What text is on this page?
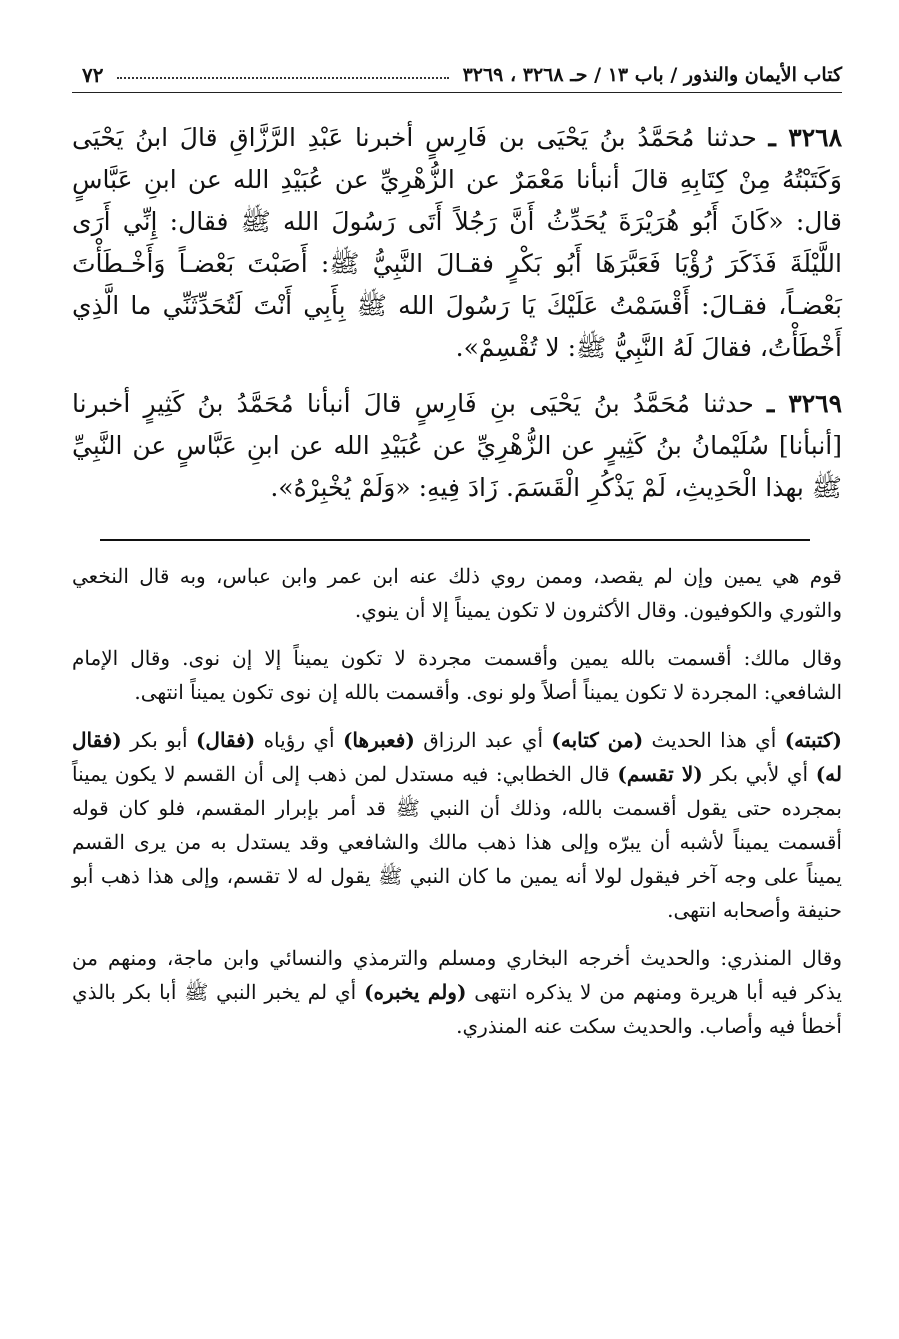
كتاب الأيمان والنذور / باب ١٣ / حـ ٣٢٦٨ ، ٣٢٦٩
٧٢

٣٢٦٨ ـ حدثنا مُحَمَّدُ بنُ يَحْيَى بن فَارِسٍ أخبرنا عَبْدِ الرَّزَّاقِ قالَ ابنُ يَحْيَى وَكَتَبْتُهُ مِنْ كِتَابِهِ قالَ أنبأنا مَعْمَرٌ عن الزُّهْرِيِّ عن عُبَيْدِ الله عن ابنِ عَبَّاسٍ قال: «كَانَ أَبُو هُرَيْرَةَ يُحَدِّثُ أَنَّ رَجُلاً أَتَى رَسُولَ الله ﷺ فقال: إِنِّي أَرَى اللَّيْلَةَ فَذَكَرَ رُؤْيَا فَعَبَّرَهَا أَبُو بَكْرٍ فقـالَ النَّبِيُّ ﷺ: أَصَبْتَ بَعْضـاً وَأَخْـطَأْتَ بَعْضـاً، فقـالَ: أَقْسَمْتُ عَلَيْكَ يَا رَسُولَ الله ﷺ بِأَبِي أَنْتَ لَتُحَدِّثَنِّي ما الَّذِي أَخْطَأْتُ، فقالَ لَهُ النَّبِيُّ ﷺ: لا تُقْسِمْ».

٣٢٦٩ ـ حدثنا مُحَمَّدُ بنُ يَحْيَى بنِ فَارِسٍ قالَ أنبأنا مُحَمَّدُ بنُ كَثِيرٍ أخبرنا [أنبأنا] سُلَيْمانُ بنُ كَثِيرٍ عن الزُّهْرِيِّ عن عُبَيْدِ الله عن ابنِ عَبَّاسٍ عن النَّبِيِّ ﷺ بهذا الْحَدِيثِ، لَمْ يَذْكُرِ الْقَسَمَ. زَادَ فِيهِ: «وَلَمْ يُخْبِرْهُ».

قوم هي يمين وإن لم يقصد، وممن روي ذلك عنه ابن عمر وابن عباس، وبه قال النخعي والثوري والكوفيون. وقال الأكثرون لا تكون يميناً إلا أن ينوي.

وقال مالك: أقسمت بالله يمين وأقسمت مجردة لا تكون يميناً إلا إن نوى. وقال الإمام الشافعي: المجردة لا تكون يميناً أصلاً ولو نوى. وأقسمت بالله إن نوى تكون يميناً انتهى.

(كتبته) أي هذا الحديث (من كتابه) أي عبد الرزاق (فعبرها) أي رؤياه (فقال) أبو بكر (فقال له) أي لأبي بكر (لا تقسم) قال الخطابي: فيه مستدل لمن ذهب إلى أن القسم لا يكون يميناً بمجرده حتى يقول أقسمت بالله، وذلك أن النبي ﷺ قد أمر بإبرار المقسم، فلو كان قوله أقسمت يميناً لأشبه أن يبرّه وإلى هذا ذهب مالك والشافعي وقد يستدل به من يرى القسم يميناً على وجه آخر فيقول لولا أنه يمين ما كان النبي ﷺ يقول له لا تقسم، وإلى هذا ذهب أبو حنيفة وأصحابه انتهى.

وقال المنذري: والحديث أخرجه البخاري ومسلم والترمذي والنسائي وابن ماجة، ومنهم من يذكر فيه أبا هريرة ومنهم من لا يذكره انتهى (ولم يخبره) أي لم يخبر النبي ﷺ أبا بكر بالذي أخطأ فيه وأصاب. والحديث سكت عنه المنذري.
